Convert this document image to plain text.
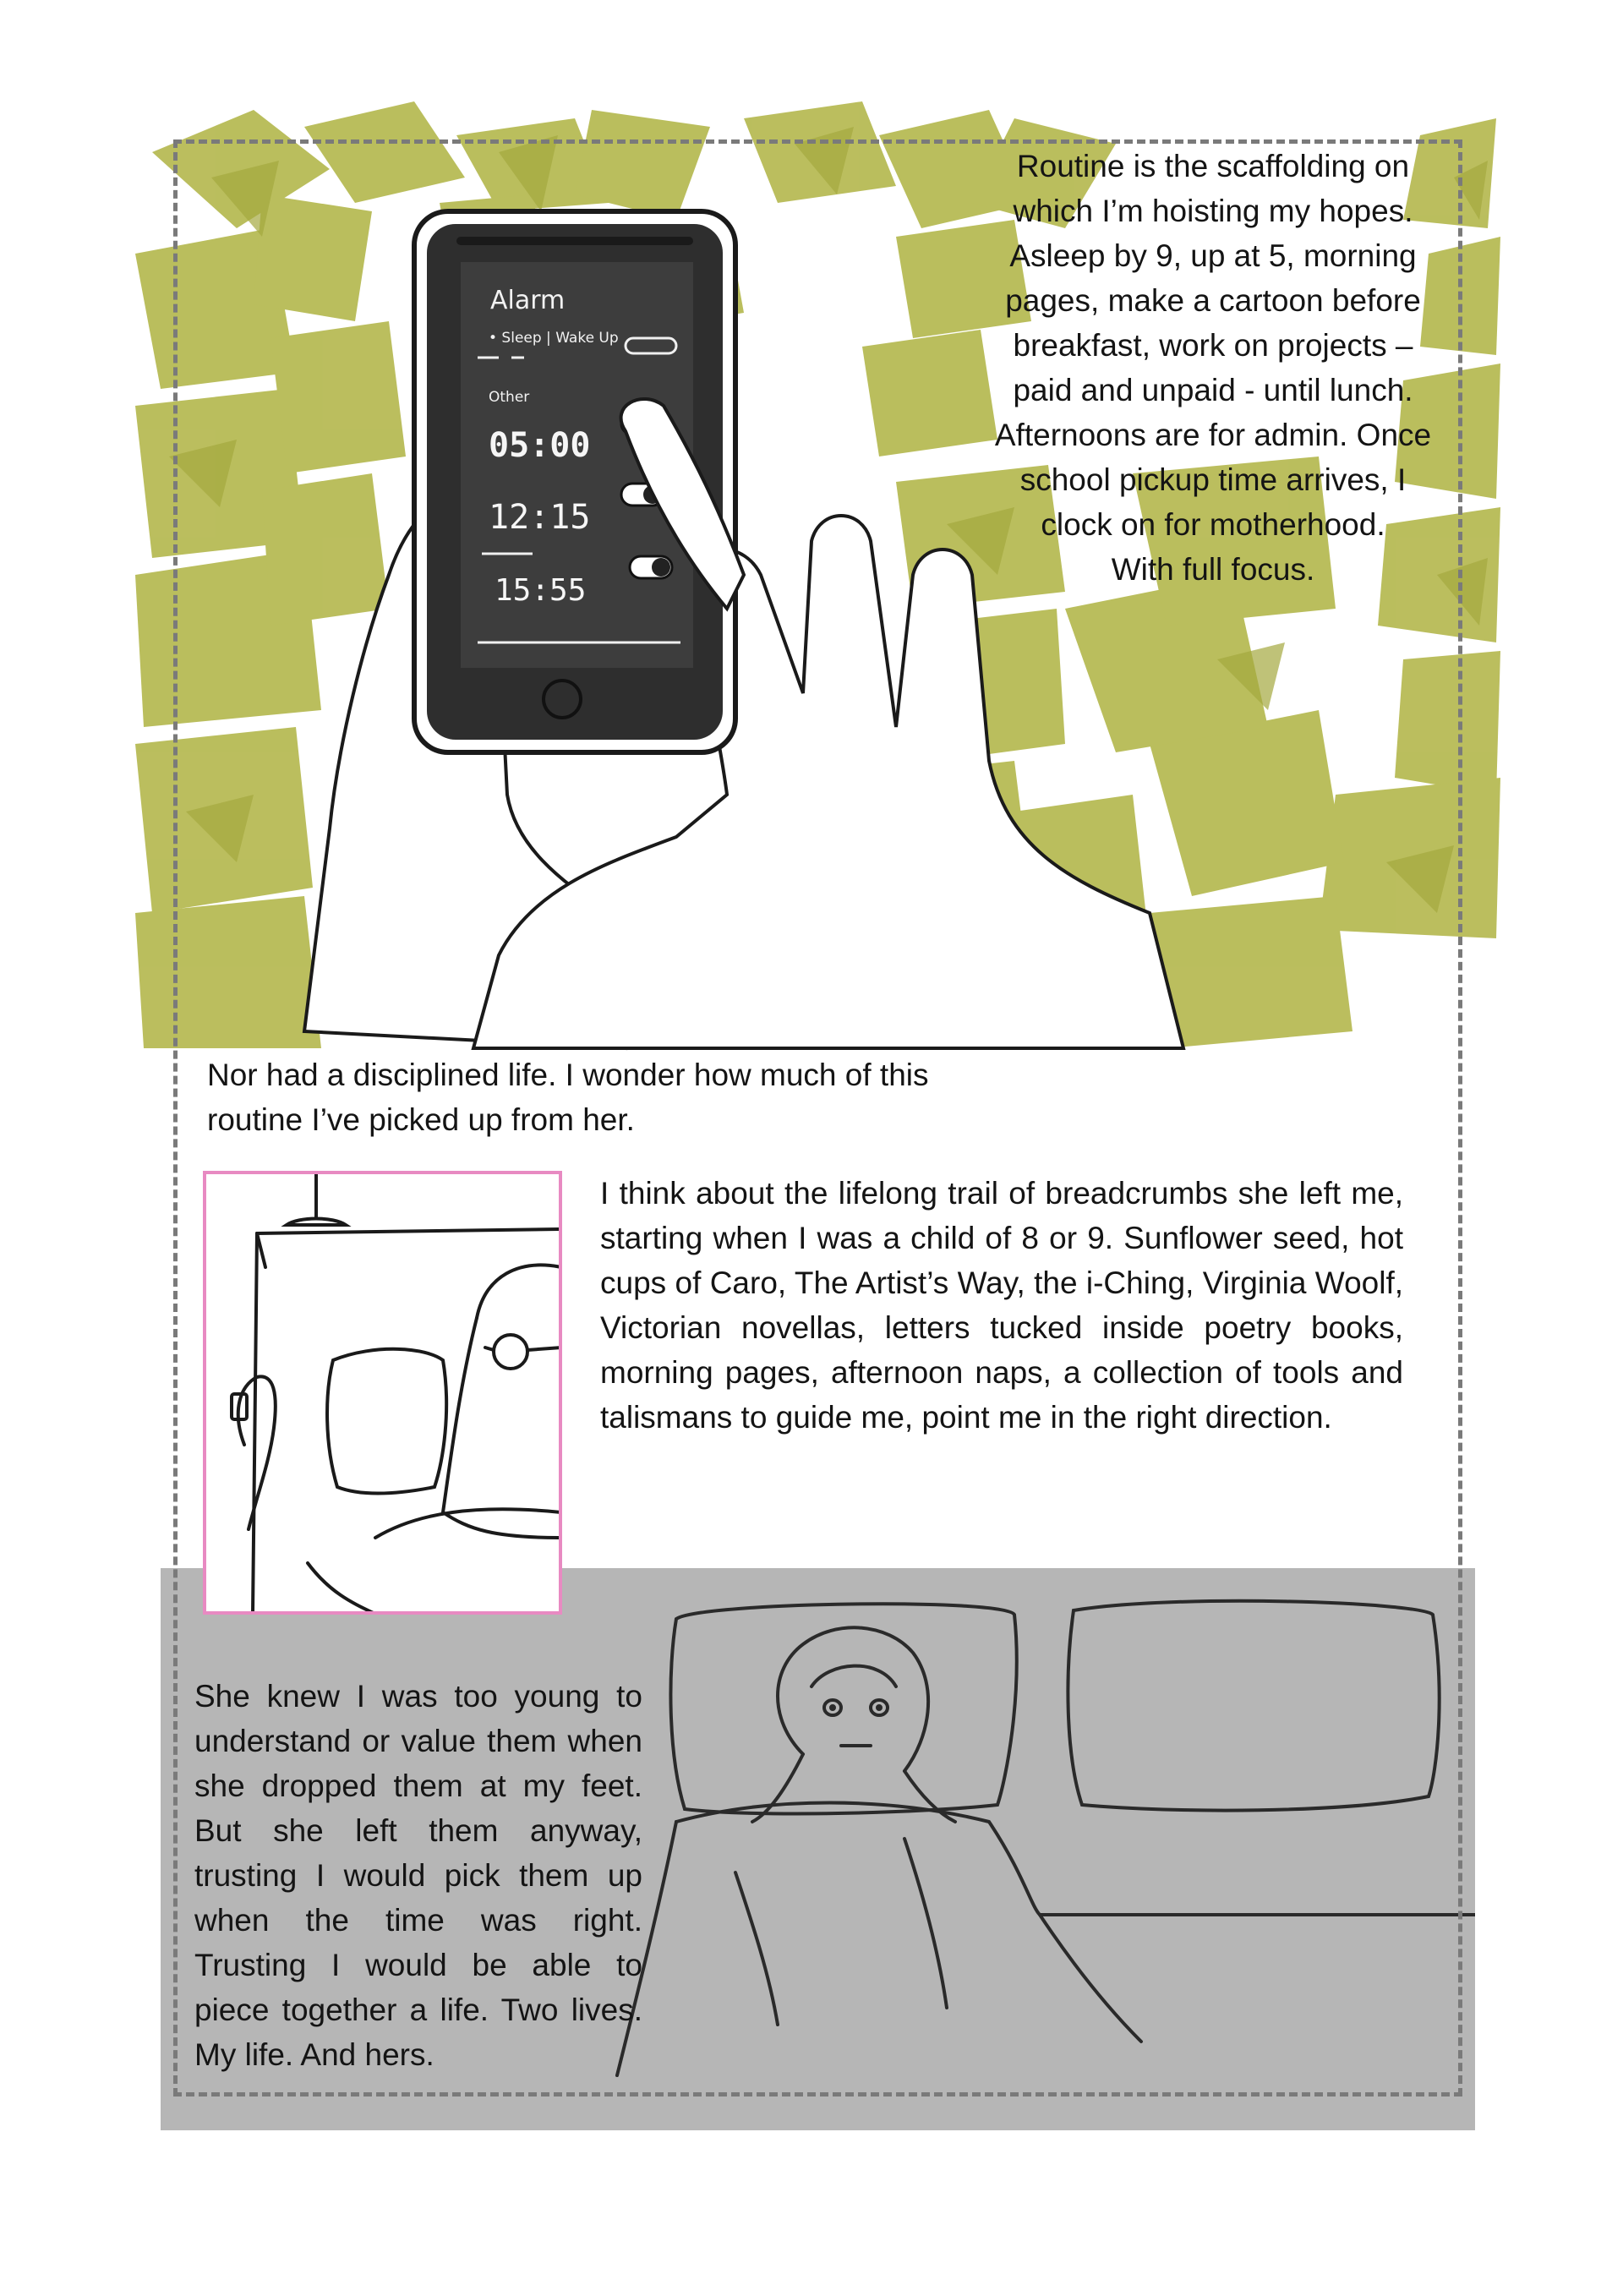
Alarm
• Sleep | Wake Up
Other
05:00
12:15
15:55
Routine is the scaffolding on which I’m hoisting my hopes. Asleep by 9, up at 5, morning pages, make a cartoon before breakfast, work on projects – paid and unpaid - until lunch. Afternoons are for admin. Once school pickup time arrives, I clock on for motherhood.
With full focus.
Nor had a disciplined life. I wonder how much of this routine I’ve picked up from her.
I think about the lifelong trail of breadcrumbs she left me, starting when I was a child of 8 or 9. Sunflower seed, hot cups of Caro, The Artist’s Way, the i-Ching, Virginia Woolf, Victorian novellas, letters tucked inside poetry books, morning pages, afternoon naps, a collection of tools and talismans to guide me, point me in the right direction.
She knew I was too young to understand or value them when she dropped them at my feet. But she left them anyway, trusting I would pick them up when the time was right. Trusting I would be able to piece together a life. Two lives. My life. And hers.
